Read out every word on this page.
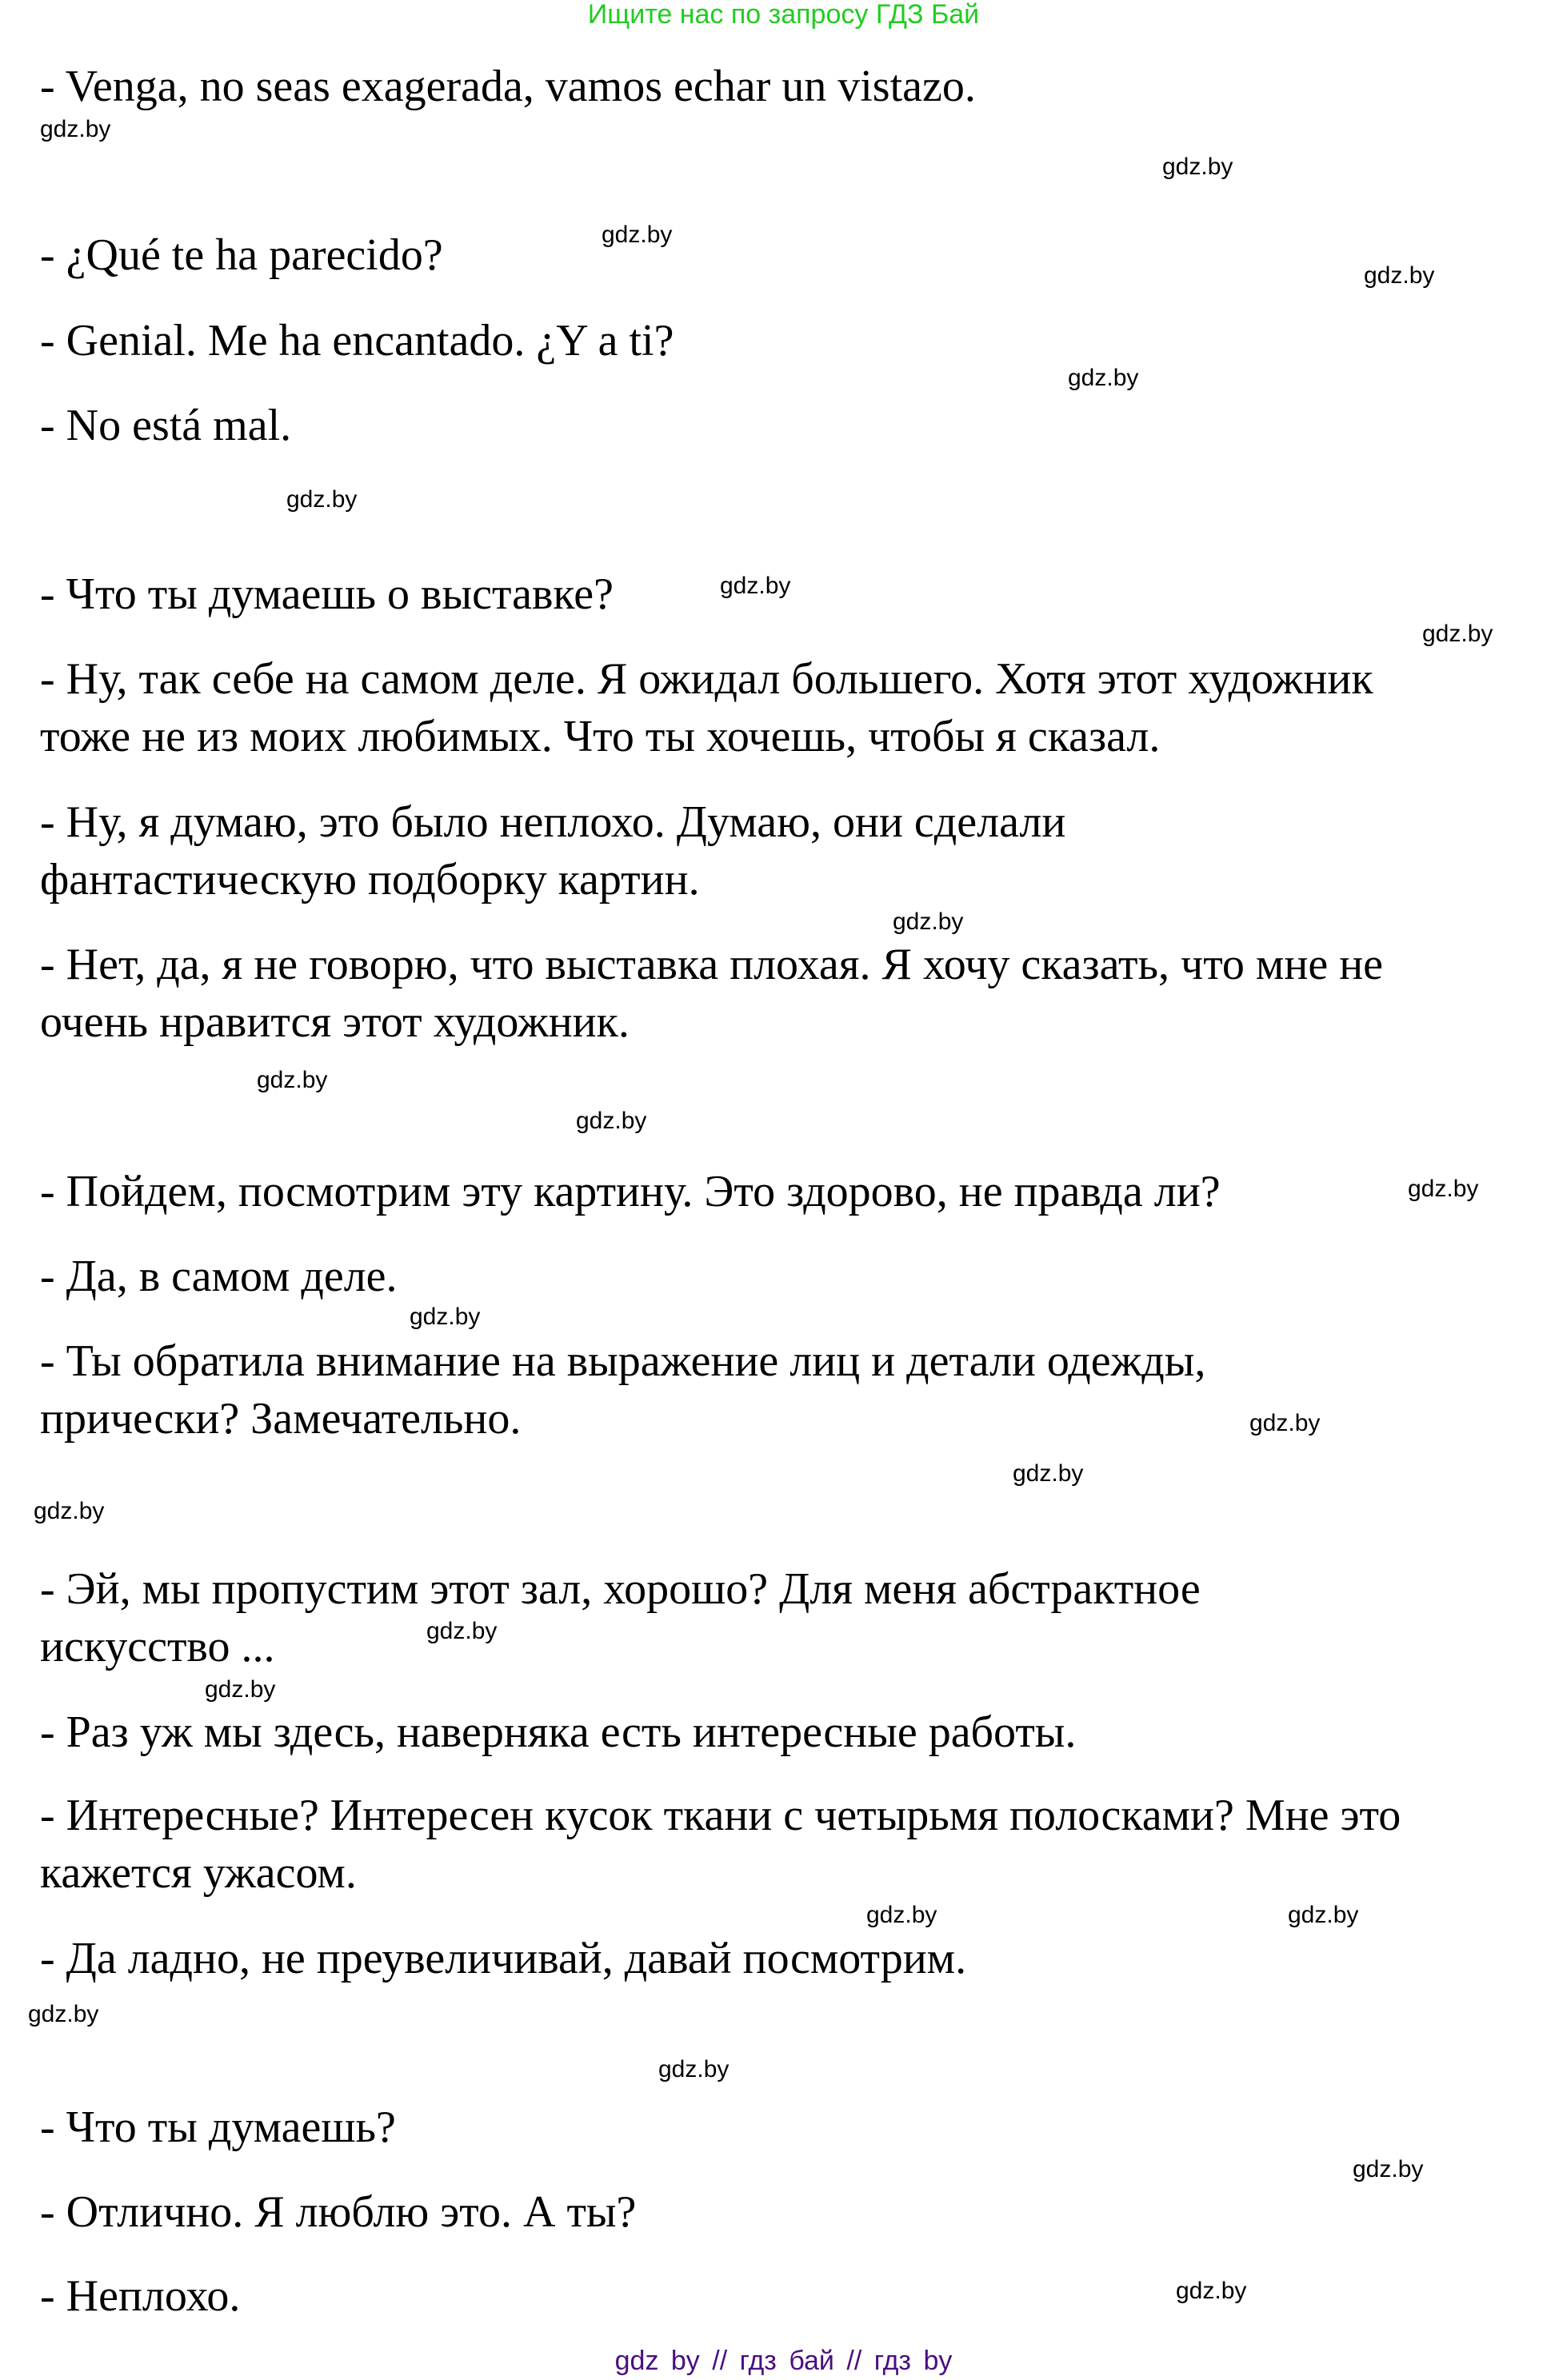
Ищите нас по запросу ГДЗ Бай
- Venga, no seas exagerada, vamos echar un vistazo.
- ¿Qué te ha parecido?
- Genial. Me ha encantado. ¿Y a ti?
- No está mal.
- Что ты думаешь о выставке?
- Ну, так себе на самом деле. Я ожидал большего. Хотя этот художник
тоже не из моих любимых. Что ты хочешь, чтобы я сказал.
- Ну, я думаю, это было неплохо. Думаю, они сделали
фантастическую подборку картин.
- Нет, да, я не говорю, что выставка плохая. Я хочу сказать, что мне не
очень нравится этот художник.
- Пойдем, посмотрим эту картину. Это здорово, не правда ли?
- Да, в самом деле.
- Ты обратила внимание на выражение лиц и детали одежды,
прически? Замечательно.
- Эй, мы пропустим этот зал, хорошо? Для меня абстрактное
искусство ...
- Раз уж мы здесь, наверняка есть интересные работы.
- Интересные? Интересен кусок ткани с четырьмя полосками? Мне это
кажется ужасом.
- Да ладно, не преувеличивай, давай посмотрим.
- Что ты думаешь?
- Отлично. Я люблю это. А ты?
- Неплохо.
gdz.by
gdz.by
gdz.by
gdz.by
gdz.by
gdz.by
gdz.by
gdz.by
gdz.by
gdz.by
gdz.by
gdz.by
gdz.by
gdz.by
gdz.by
gdz.by
gdz.by
gdz.by
gdz.by
gdz.by
gdz.by
gdz.by
gdz.by
gdz.by
gdz by // гдз бай // гдз by
